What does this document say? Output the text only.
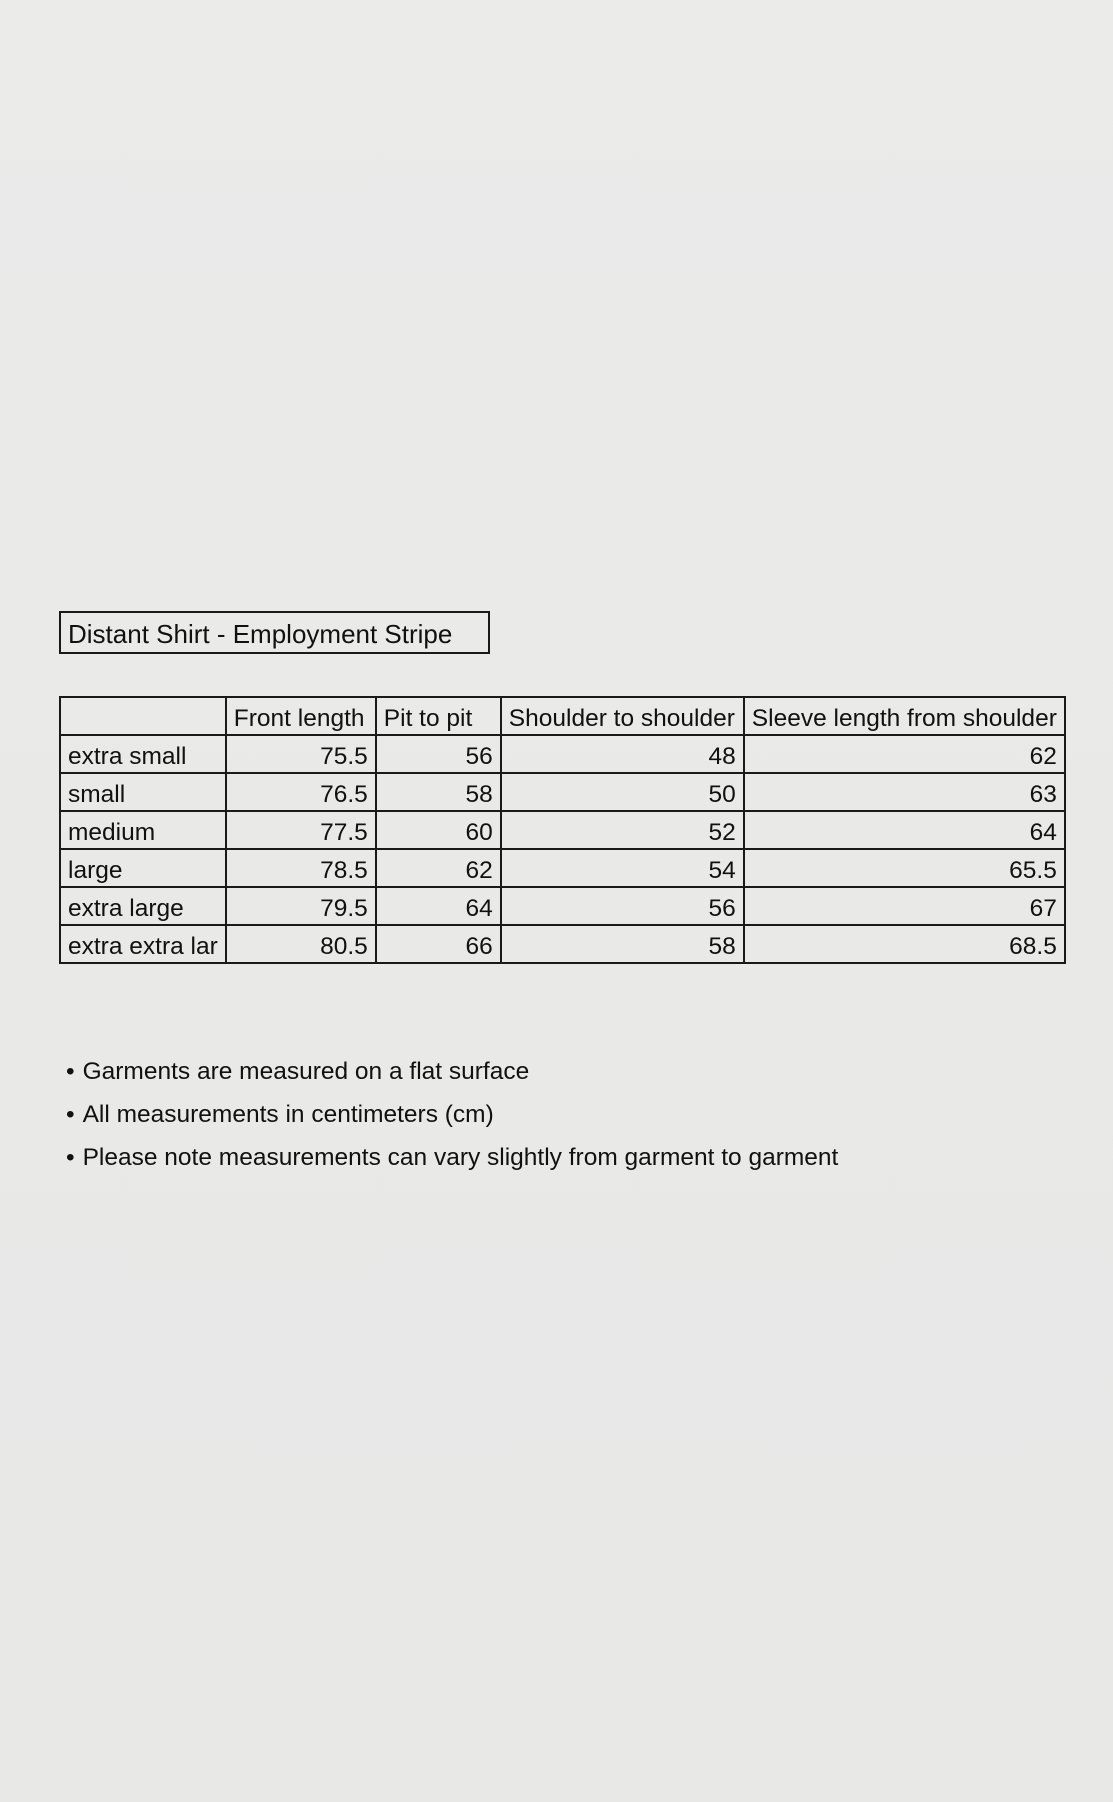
Distant Shirt - Employment Stripe
	Front length	Pit to pit	Shoulder to shoulder	Sleeve length from shoulder
extra small	75.5	56	48	62
small	76.5	58	50	63
medium	77.5	60	52	64
large	78.5	62	54	65.5
extra large	79.5	64	56	67
extra extra lar	80.5	66	58	68.5
• Garments are measured on a flat surface
• All measurements in centimeters (cm)
• Please note measurements can vary slightly from garment to garment
